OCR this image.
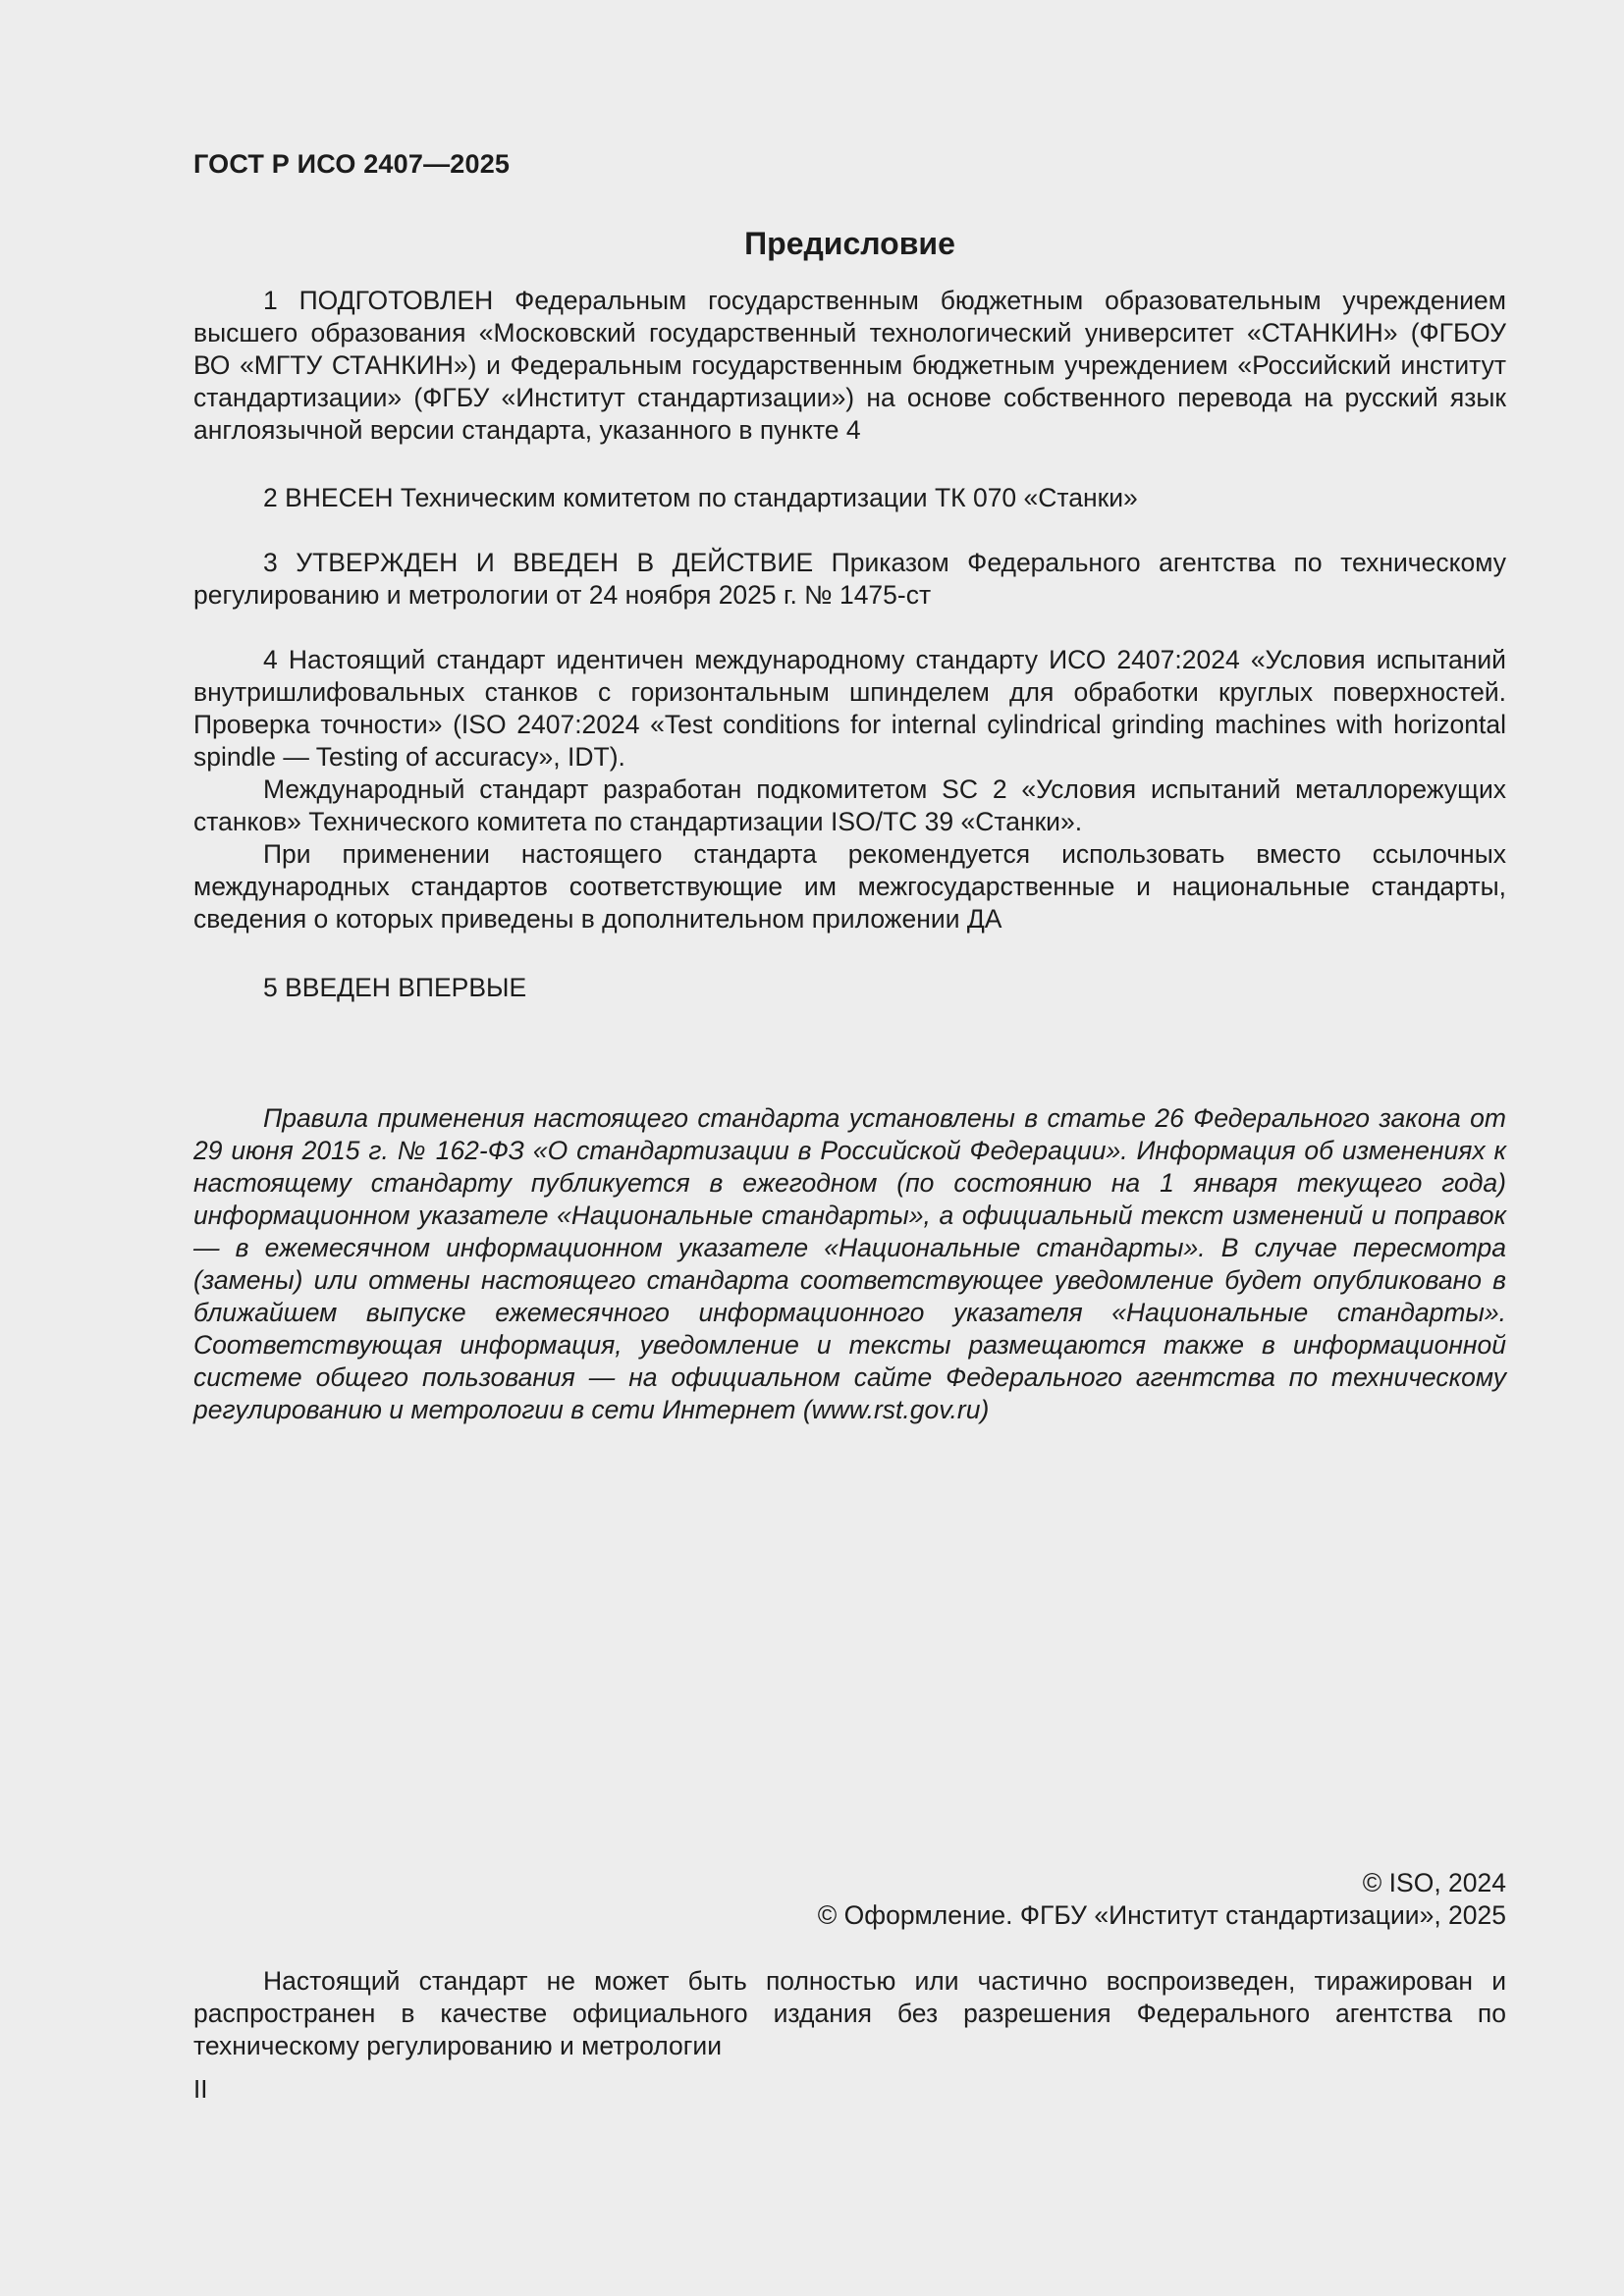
ГОСТ Р ИСО 2407—2025
Предисловие

1 ПОДГОТОВЛЕН Федеральным государственным бюджетным образовательным учреждением высшего образования «Московский государственный технологический университет «СТАНКИН» (ФГБОУ ВО «МГТУ СТАНКИН») и Федеральным государственным бюджетным учреждением «Российский институт стандартизации» (ФГБУ «Институт стандартизации») на основе собственного перевода на русский язык англоязычной версии стандарта, указанного в пункте 4

2 ВНЕСЕН Техническим комитетом по стандартизации ТК 070 «Станки»

3 УТВЕРЖДЕН И ВВЕДЕН В ДЕЙСТВИЕ Приказом Федерального агентства по техническому регулированию и метрологии от 24 ноября 2025 г. № 1475-ст

4 Настоящий стандарт идентичен международному стандарту ИСО 2407:2024 «Условия испытаний внутришлифовальных станков с горизонтальным шпинделем для обработки круглых поверхностей. Проверка точности» (ISO 2407:2024 «Test conditions for internal cylindrical grinding machines with horizontal spindle — Testing of accuracy», IDT).

Международный стандарт разработан подкомитетом SC 2 «Условия испытаний металлорежущих станков» Технического комитета по стандартизации ISO/TC 39 «Станки».

При применении настоящего стандарта рекомендуется использовать вместо ссылочных международных стандартов соответствующие им межгосударственные и национальные стандарты, сведения о которых приведены в дополнительном приложении ДА

5 ВВЕДЕН ВПЕРВЫЕ

Правила применения настоящего стандарта установлены в статье 26 Федерального закона от 29 июня 2015 г. № 162-ФЗ «О стандартизации в Российской Федерации». Информация об изменениях к настоящему стандарту публикуется в ежегодном (по состоянию на 1 января текущего года) информационном указателе «Национальные стандарты», а официальный текст изменений и поправок — в ежемесячном информационном указателе «Национальные стандарты». В случае пересмотра (замены) или отмены настоящего стандарта соответствующее уведомление будет опубликовано в ближайшем выпуске ежемесячного информационного указателя «Национальные стандарты». Соответствующая информация, уведомление и тексты размещаются также в информационной системе общего пользования — на официальном сайте Федерального агентства по техническому регулированию и метрологии в сети Интернет (www.rst.gov.ru)

© ISO, 2024
© Оформление. ФГБУ «Институт стандартизации», 2025

Настоящий стандарт не может быть полностью или частично воспроизведен, тиражирован и распространен в качестве официального издания без разрешения Федерального агентства по техническому регулированию и метрологии

II
